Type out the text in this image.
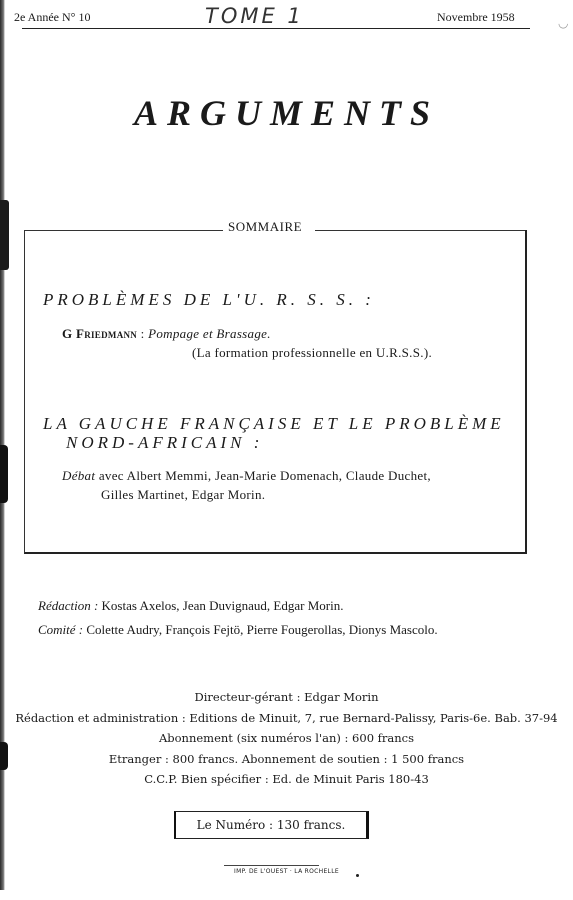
2e Année N° 10	TOME 1	Novembre 1958	◡
ARGUMENTS
SOMMAIRE
PROBLÈMES DE L'U. R. S. S. :
G Friedmann : Pompage et Brassage.
(La formation professionnelle en U.R.S.S.).
LA GAUCHE FRANÇAISE ET LE PROBLÈME
NORD-AFRICAIN :
Débat avec Albert Memmi, Jean-Marie Domenach, Claude Duchet,
Gilles Martinet, Edgar Morin.
Rédaction : Kostas Axelos, Jean Duvignaud, Edgar Morin.
Comité : Colette Audry, François Fejtö, Pierre Fougerollas, Dionys Mascolo.
Directeur-gérant : Edgar Morin
Rédaction et administration : Editions de Minuit, 7, rue Bernard-Palissy, Paris-6e. Bab. 37-94
Abonnement (six numéros l'an) : 600 francs
Etranger : 800 francs. Abonnement de soutien : 1 500 francs
C.C.P. Bien spécifier : Ed. de Minuit Paris 180-43
Le Numéro : 130 francs.
IMP. DE L'OUEST · LA ROCHELLE
